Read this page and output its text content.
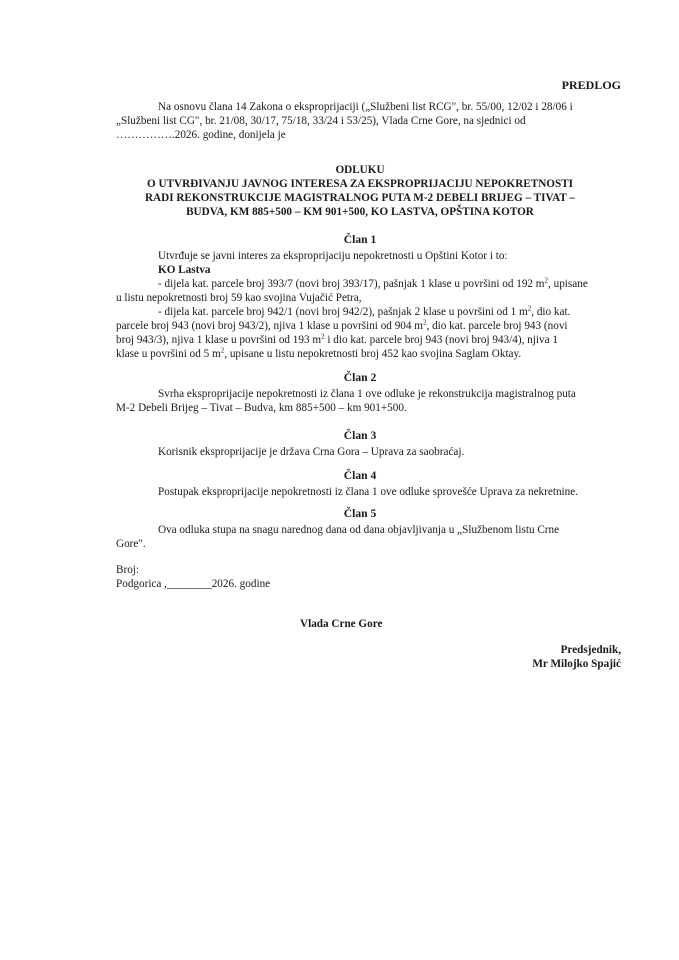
PREDLOG
Na osnovu člana 14 Zakona o eksproprijaciji („Službeni list RCG", br. 55/00, 12/02 i 28/06 i
„Službeni list CG", br. 21/08, 30/17, 75/18, 33/24 i 53/25), Vlada Crne Gore, na sjednici od
…………….2026. godine, donijela je
ODLUKU
O UTVRĐIVANJU JAVNOG INTERESA ZA EKSPROPRIJACIJU NEPOKRETNOSTI
RADI REKONSTRUKCIJE MAGISTRALNOG PUTA M-2 DEBELI BRIJEG – TIVAT –
BUDVA, KM 885+500 – KM 901+500, KO LASTVA, OPŠTINA KOTOR
Član 1
Utvrđuje se javni interes za eksproprijaciju nepokretnosti u Opštini Kotor i to:
KO Lastva
- dijela kat. parcele broj 393/7 (novi broj 393/17), pašnjak 1 klase u površini od 192 $m^2$, upisane
u listu nepokretnosti broj 59 kao svojina Vujačić Petra,
- dijela kat. parcele broj 942/1 (novi broj 942/2), pašnjak 2 klase u površini od 1 $m^2$, dio kat.
parcele broj 943 (novi broj 943/2), njiva 1 klase u površini od 904 $m^2$, dio kat. parcele broj 943 (novi
broj 943/3), njiva 1 klase u površini od 193 $m^2$ i dio kat. parcele broj 943 (novi broj 943/4), njiva 1
klase u površini od 5 $m^2$, upisane u listu nepokretnosti broj 452 kao svojina Saglam Oktay.
Član 2
Svrha eksproprijacije nepokretnosti iz člana 1 ove odluke je rekonstrukcija magistralnog puta
M-2 Debeli Brijeg – Tivat – Budva, km 885+500 – km 901+500.
Član 3
Korisnik eksproprijacije je država Crna Gora – Uprava za saobraćaj.
Član 4
Postupak eksproprijacije nepokretnosti iz člana 1 ove odluke sprovešće Uprava za nekretnine.
Član 5
Ova odluka stupa na snagu narednog dana od dana objavljivanja u „Službenom listu Crne
Gore".
Broj:
Podgorica ,________2026. godine
Vlada Crne Gore
Predsjednik,
Mr Milojko Spajić
